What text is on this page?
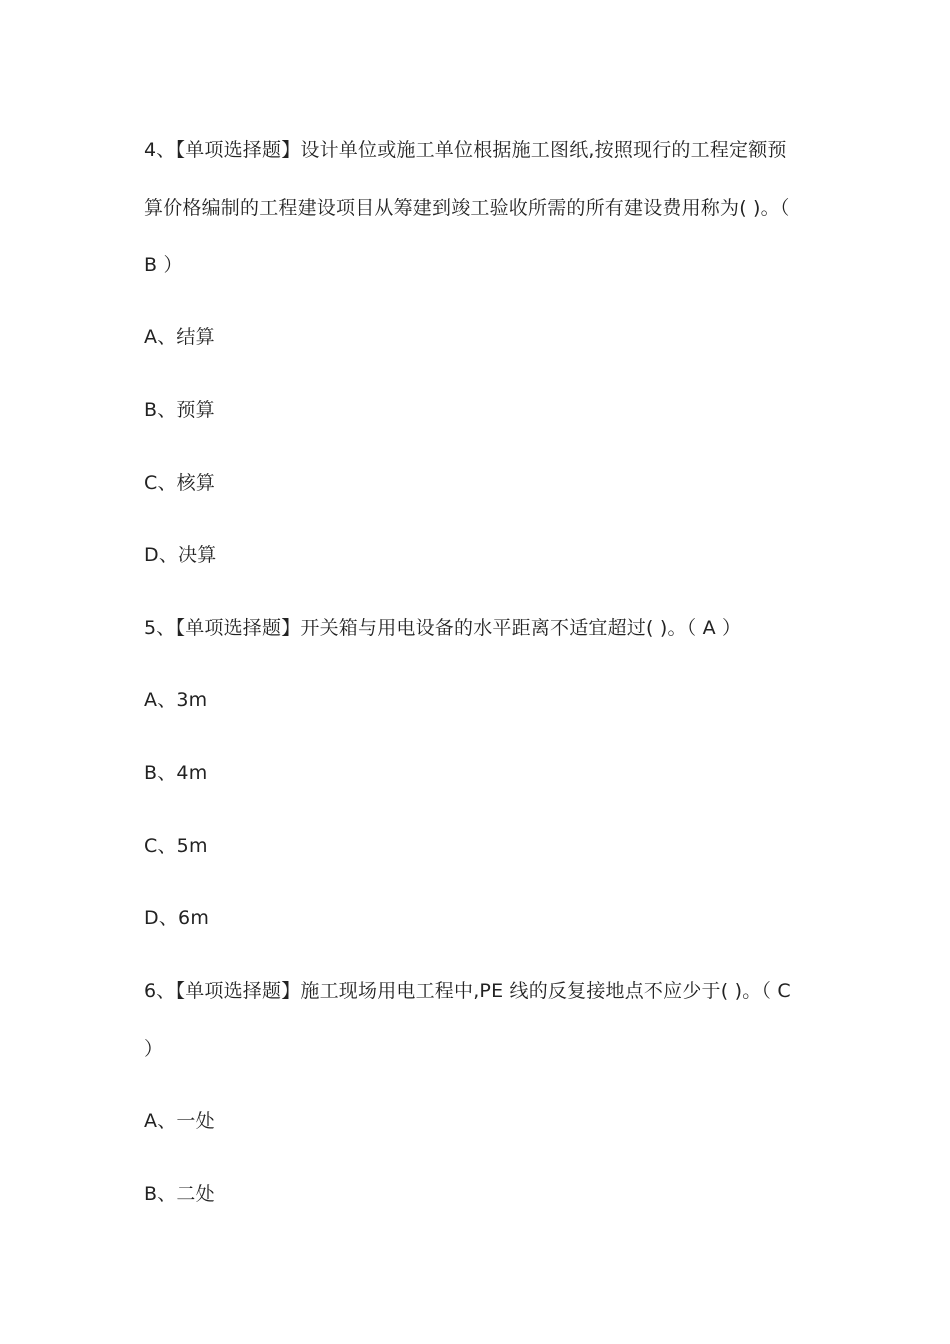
4、【单项选择题】设计单位或施工单位根据施工图纸,按照现行的工程定额预
算价格编制的工程建设项目从筹建到竣工验收所需的所有建设费用称为( )。（
B ）
A、结算
B、预算
C、核算
D、决算
5、【单项选择题】开关箱与用电设备的水平距离不适宜超过( )。（ A ）
A、3m
B、4m
C、5m
D、6m
6、【单项选择题】施工现场用电工程中,PE 线的反复接地点不应少于( )。（ C
）
A、一处
B、二处
